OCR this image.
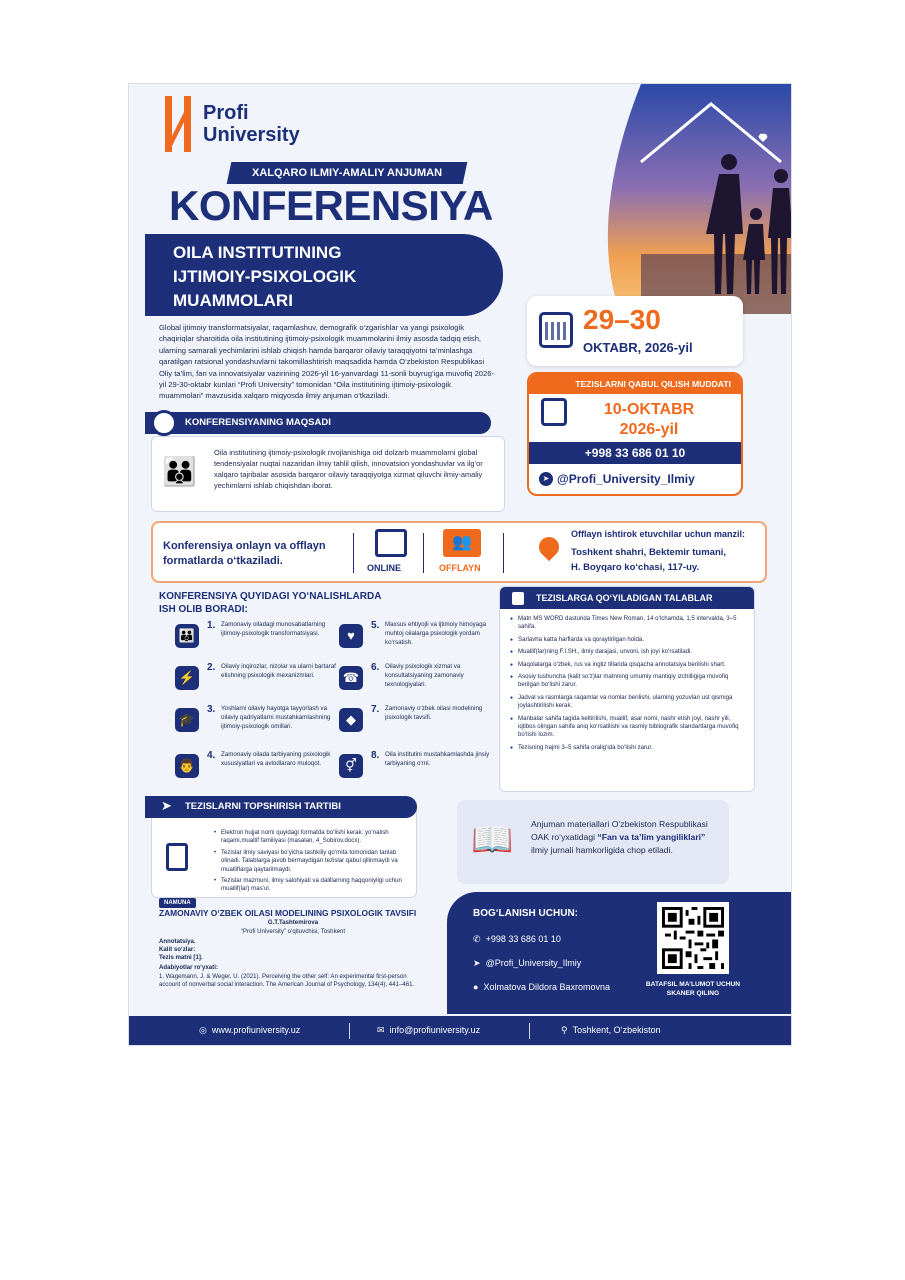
Profi
University
XALQARO ILMIY-AMALIY ANJUMAN
KONFERENSIYA
OILA INSTITUTINING
IJTIMOIY-PSIXOLOGIK
MUAMMOLARI
Global ijtimoiy transformatsiyalar, raqamlashuv, demografik o‘zgarishlar va yangi psixologik chaqiriqlar sharoitida oila institutining ijtimoiy-psixologik muammolarini ilmiy asosda tadqiq etish, ularning samarali yechimlarini ishlab chiqish hamda barqaror oilaviy taraqqiyotni ta’minlashga qaratilgan ratsional yondashuvlarni takomillashtirish maqsadida hamda O‘zbekiston Respublikasi Oliy ta’lim, fan va innovatsiyalar vazirining 2026-yil 16-yanvardagi 11-sonli buyrug‘iga muvofiq 2026-yil 29-30-oktabr kunlari “Profi University” tomonidan “Oila institutining ijtimoiy-psixologik muammolari” mavzusida xalqaro miqyosda ilmiy anjuman o‘tkaziladi.
29–30
OKTABR, 2026-yil
TEZISLARNI QABUL QILISH MUDDATI
10-OKTABR
2026-yil
+998 33 686 01 10
➤ @Profi_University_Ilmiy
KONFERENSIYANING MAQSADI
👪
Oila institutining ijtimoiy-psixologik rivojlanishiga oid dolzarb muammolarni global tendensiyalar nuqtai nazaridan ilmiy tahlil qilish, innovatsion yondashuvlar va ilg‘or xalqaro tajribalar asosida barqaror oilaviy taraqqiyotga xizmat qiluvchi ilmiy-amaliy yechimlarni ishlab chiqishdan iborat.
Konferensiya onlayn va offlayn formatlarda o‘tkaziladi.
ONLINE
👥
OFFLAYN
Offlayn ishtirok etuvchilar uchun manzil:
Toshkent shahri, Bektemir tumani,
H. Boyqaro ko‘chasi, 117-uy.
KONFERENSIYA QUYIDAGI YO‘NALISHLARDA
ISH OLIB BORADI:
👪
1. Zamonaviy oiladagi munosabatlarning ijtimoiy-psixologik transformatsiyasi.
⚡
2. Oilaviy inqirozlar, nizolar va ularni bartaraf etishning psixologik mexanizmlari.
🎓
3. Yoshlarni oilaviy hayotga tayyorlash va oilaviy qadriyatlarni mustahkamlashning ijtimoiy-psixologik omillari.
👨
4. Zamonaviy oilada tarbiyaning psixologik xususiyatlari va avlodlararo muloqot.
♥
5. Maxsus ehtiyojli va ijtimoiy himoyaga muhtoj oilalarga psixologik yordam ko‘rsatish.
☎
6. Oilaviy psixologik xizmat va konsultatsiyaning zamonaviy texnologiyalari.
◆
7. Zamonaviy o‘zbek oilasi modelining psixologik tavsifi.
⚥
8. Oila institutini mustahkamlashda jinsiy tarbiyaning o‘rni.
TEZISLARGA QO‘YILADIGAN TALABLAR
● Matn MS WORD dasturida Times New Roman, 14 o‘lchamda, 1,5 intervalda, 3–5 sahifa.
● Sarlavha katta harflarda va qoraytirilgan holda.
● Muallif(lar)ning F.I.SH., ilmiy darajasi, unvoni, ish joyi ko‘rsatiladi.
● Maqolalarga o‘zbek, rus va ingliz tillarida qisqacha annotatsiya berilishi shart.
● Asosiy tushuncha (kalit so‘z)lar matnning umumiy mantiqiy izchilligiga muvofiq berilgan bo‘lishi zarur.
● Jadval va rasmlarga raqamlar va nomlar berilishi, ularning yozuvlari ust qismiga joylashtirilishi kerak.
● Manbalar sahifa tagida keltirilishi, muallif, asar nomi, nashr etish joyi, nashr yili, iqtibos olingan sahifa aniq ko‘rsatilishi va rasmiy bibliografik standartlarga muvofiq bo‘lishi lozim.
● Tezisning hajmi 3–5 sahifa oralig‘ida bo‘lishi zarur.
• Elektron hujjat nomi quyidagi formatda bo‘lishi kerak: yo‘nalish raqami,muallif familiyasi (masalan, 4_Sobirov.docx).
• Tezislar ilmiy saviyasi bo‘yicha tashkiliy qo‘mita tomonidan tanlab olinadi. Talablarga javob bermaydigan tezislar qabul qilinmaydi va mualliflarga qaytarilmaydi.
• Tezislar mazmuni, ilmiy salohiyati va dalillarning haqqoniyligi uchun muallif(lar) mas’ul.
TEZISLARNI TOPSHIRISH TARTIBI
➤
📖 Anjuman materiallari O‘zbekiston Respublikasi OAK ro‘yxatidagi “Fan va ta’lim yangiliklari” ilmiy jurnali hamkorligida chop etiladi.
NAMUNA
ZAMONAVIY O‘ZBEK OILASI MODELINING PSIXOLOGIK TAVSIFI
G.T.Tashtemirova
“Profi University” o‘qituvchisi, Toshkent
Annotatsiya.
Kalit so‘zlar:
Tezis matni [1].
Adabiyotlar ro‘yxati:
1. Wagemann, J. & Weger, U. (2021). Perceiving the other self: An experimental first-person account of nonverbal social interaction. The American Journal of Psychology, 134(4), 441–461.
BOG‘LANISH UCHUN:
✆ +998 33 686 01 10
➤ @Profi_University_Ilmiy
● Xolmatova Dildora Baxromovna	BATAFSIL MA’LUMOT UCHUN SKANER QILING
◎ www.profiuniversity.uz	✉ info@profiuniversity.uz	⚲ Toshkent, O‘zbekiston
